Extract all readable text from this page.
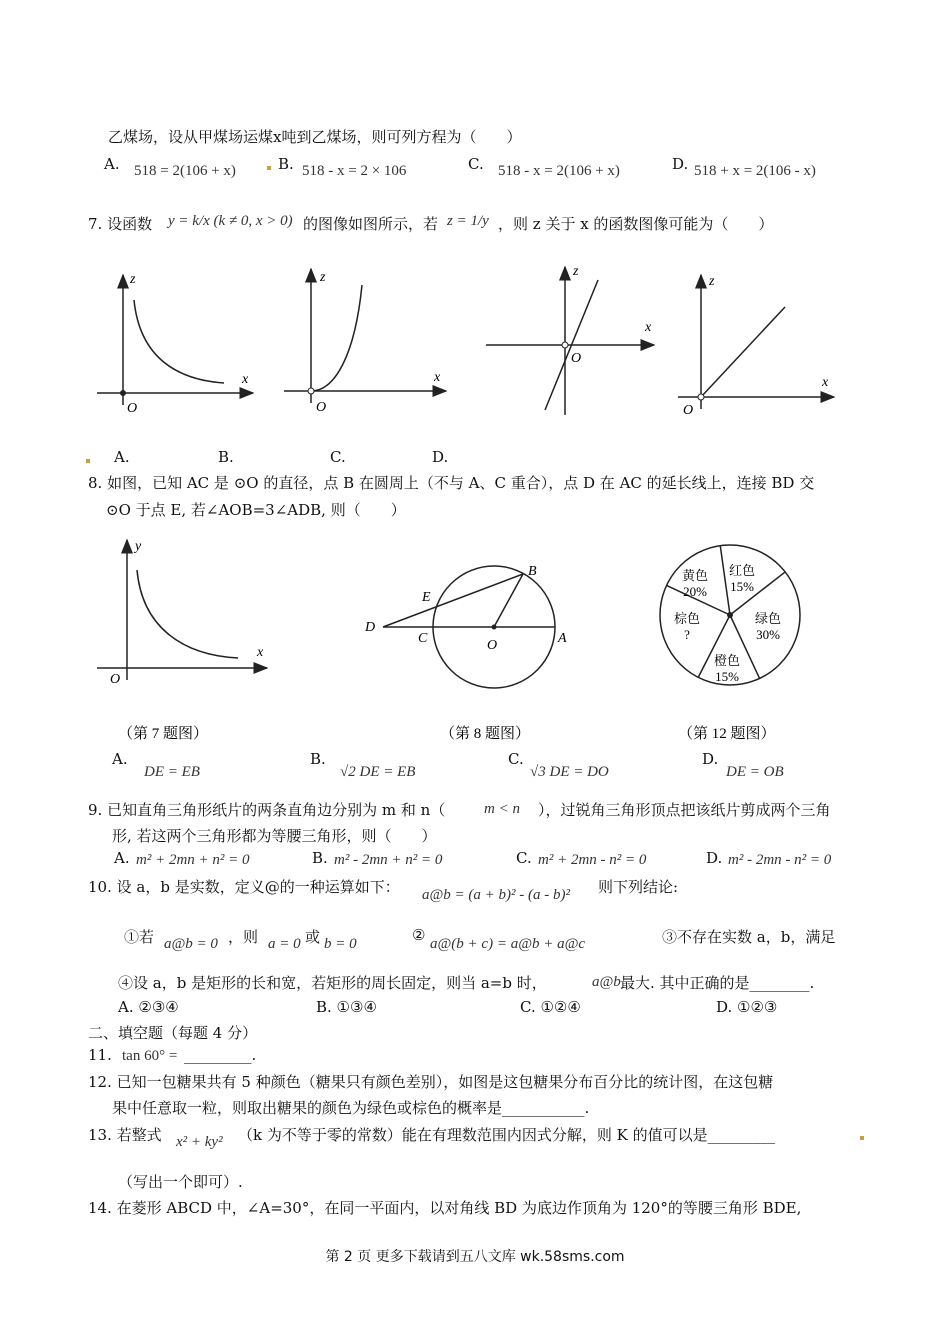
乙煤场，设从甲煤场运煤x吨到乙煤场，则可列方程为（　　）
A. 518 = 2(106 + x)	B. 518 - x = 2 × 106	C. 518 - x = 2(106 + x)	D. 518 + x = 2(106 - x)
7. 设函数 y = k/x (k ≠ 0, x > 0) 的图像如图所示，若 z = 1/y ，则 z 关于 x 的函数图像可能为（　　）
z
x
O
z
x
O
z
x
O
z
x
O
A.	B.	C.	D.
8. 如图，已知 AC 是 ⊙O 的直径，点 B 在圆周上（不与 A、C 重合），点 D 在 AC 的延长线上，连接 BD 交
⊙O 于点 E, 若∠AOB=3∠ADB, 则（　　）
y
x
O
D
E
B
C	O	A
红色
15%
绿色
30%
橙色
15%
棕色
?
黄色
20%
（第 7 题图）	（第 8 题图）	（第 12 题图）
A.
DE = EB
B.
√2 DE = EB
C.
√3 DE = DO
D.
DE = OB
9. 已知直角三角形纸片的两条直角边分别为 m 和 n（	m < n ），过锐角三角形顶点把该纸片剪成两个三角
形, 若这两个三角形都为等腰三角形，则（　　）
A. m² + 2mn + n² = 0	B. m² - 2mn + n² = 0	C. m² + 2mn - n² = 0	D. m² - 2mn - n² = 0
10. 设 a，b 是实数，定义@的一种运算如下： a@b = (a + b)² - (a - b)² 则下列结论:
①若 a@b = 0 ，则 a = 0 或 b = 0	② a@(b + c) = a@b + a@c	③不存在实数 a，b，满足
④设 a，b 是矩形的长和宽，若矩形的周长固定，则当 a=b 时，	a@b 最大. 其中正确的是________.
A. ②③④	B. ①③④	C. ①②④	D. ①②③
二、填空题（每题 4 分）
11. tan 60° = _________.
12. 已知一包糖果共有 5 种颜色（糖果只有颜色差别），如图是这包糖果分布百分比的统计图，在这包糖
果中任意取一粒，则取出糖果的颜色为绿色或棕色的概率是___________.
13. 若整式 x² + ky² （k 为不等于零的常数）能在有理数范围内因式分解，则 K 的值可以是_________
（写出一个即可）.
14. 在菱形 ABCD 中，∠A=30°，在同一平面内，以对角线 BD 为底边作顶角为 120°的等腰三角形 BDE,
第 2 页 更多下载请到五八文库 wk.58sms.com
